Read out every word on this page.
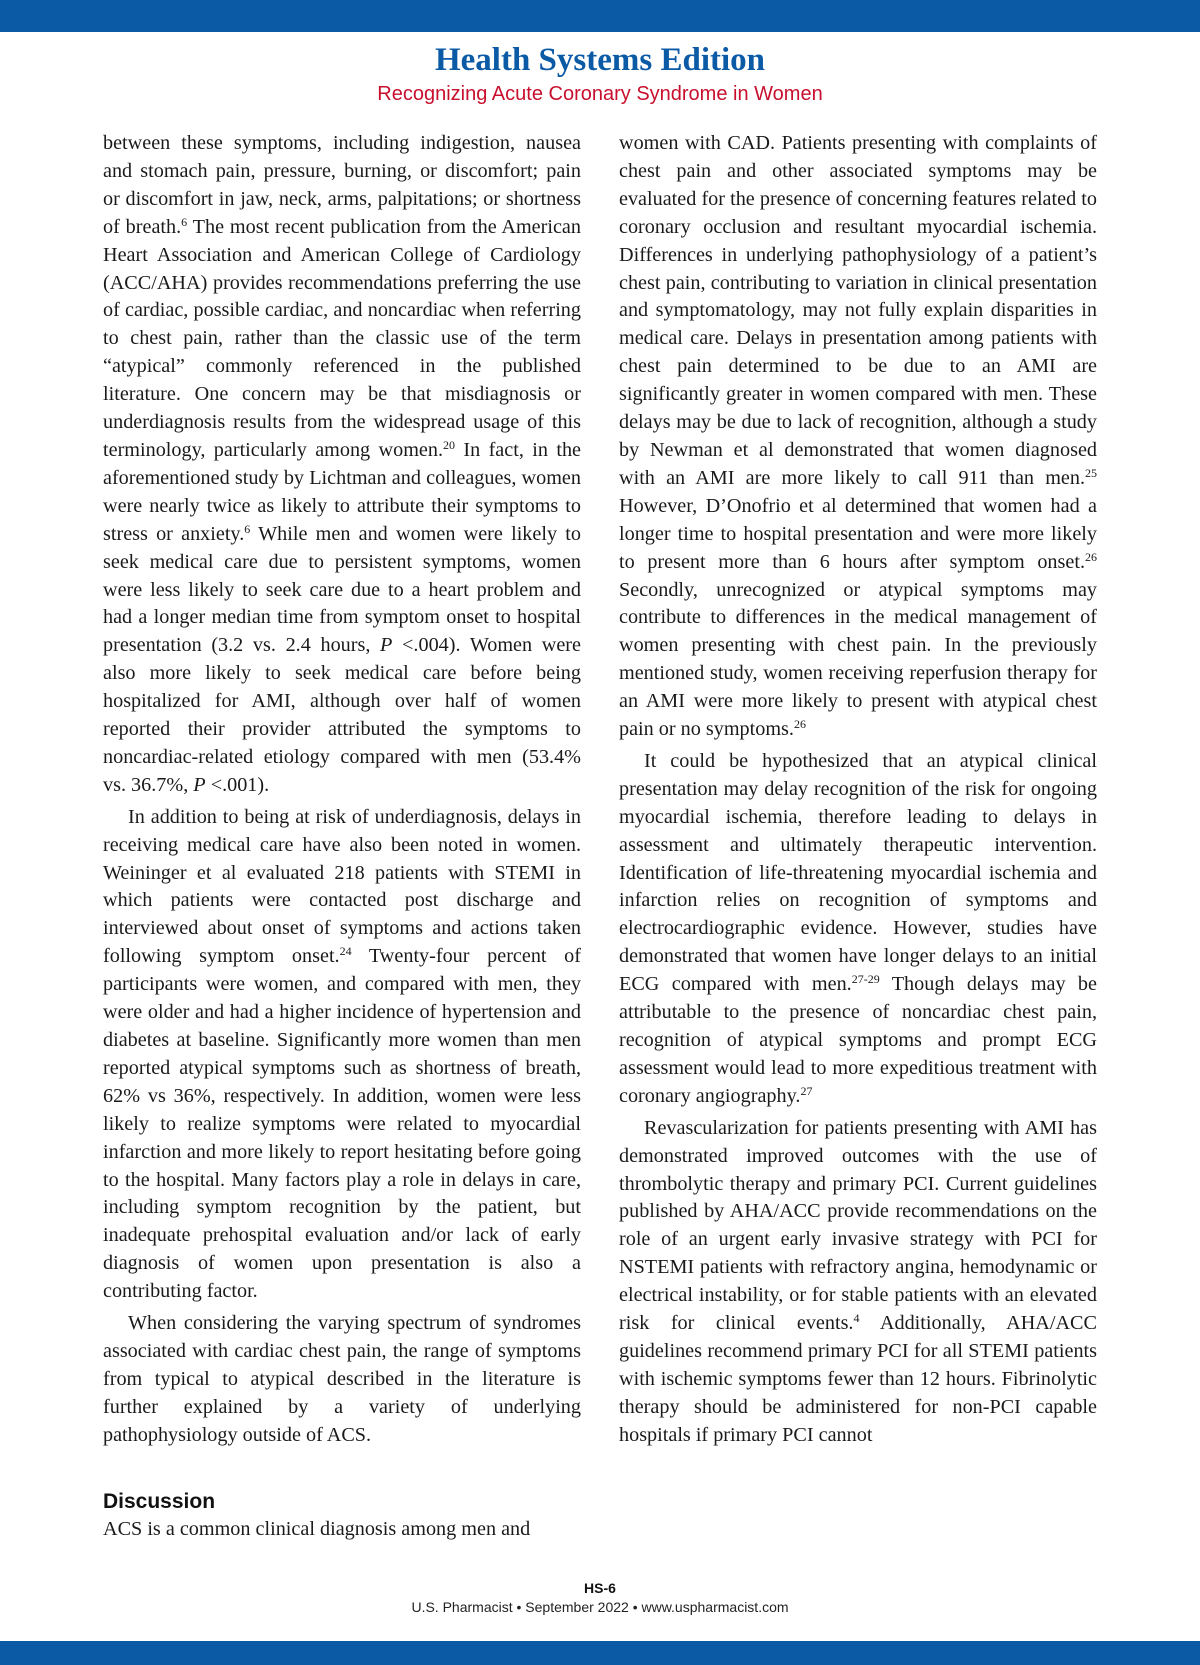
Health Systems Edition
Recognizing Acute Coronary Syndrome in Women

between these symptoms, including indigestion, nausea and stomach pain, pressure, burning, or discomfort; pain or discomfort in jaw, neck, arms, palpitations; or shortness of breath.$^6$ The most recent publication from the American Heart Association and American College of Cardiology (ACC/AHA) provides recommendations preferring the use of cardiac, possible cardiac, and noncardiac when referring to chest pain, rather than the classic use of the term “atypical” commonly referenced in the published literature. One concern may be that misdiagnosis or underdiagnosis results from the widespread usage of this terminology, particularly among women.$^{20}$ In fact, in the aforementioned study by Lichtman and colleagues, women were nearly twice as likely to attribute their symptoms to stress or anxiety.$^6$ While men and women were likely to seek medical care due to persistent symptoms, women were less likely to seek care due to a heart problem and had a longer median time from symptom onset to hospital presentation (3.2 vs. 2.4 hours, P <.004). Women were also more likely to seek medical care before being hospitalized for AMI, although over half of women reported their provider attributed the symptoms to noncardiac-related etiology compared with men (53.4% vs. 36.7%, P <.001).

In addition to being at risk of underdiagnosis, delays in receiving medical care have also been noted in women. Weininger et al evaluated 218 patients with STEMI in which patients were contacted post discharge and interviewed about onset of symptoms and actions taken following symptom onset.$^{24}$ Twenty-four percent of participants were women, and compared with men, they were older and had a higher incidence of hypertension and diabetes at baseline. Significantly more women than men reported atypical symptoms such as shortness of breath, 62% vs 36%, respectively. In addition, women were less likely to realize symptoms were related to myocardial infarction and more likely to report hesitating before going to the hospital. Many factors play a role in delays in care, including symptom recognition by the patient, but inadequate prehospital evaluation and/or lack of early diagnosis of women upon presentation is also a contributing factor.

When considering the varying spectrum of syndromes associated with cardiac chest pain, the range of symptoms from typical to atypical described in the literature is further explained by a variety of underlying pathophysiology outside of ACS.

Discussion

ACS is a common clinical diagnosis among men and

women with CAD. Patients presenting with complaints of chest pain and other associated symptoms may be evaluated for the presence of concerning features related to coronary occlusion and resultant myocardial ischemia. Differences in underlying pathophysiology of a patient’s chest pain, contributing to variation in clinical presentation and symptomatology, may not fully explain disparities in medical care. Delays in presentation among patients with chest pain determined to be due to an AMI are significantly greater in women compared with men. These delays may be due to lack of recognition, although a study by Newman et al demonstrated that women diagnosed with an AMI are more likely to call 911 than men.$^{25}$ However, D’Onofrio et al determined that women had a longer time to hospital presentation and were more likely to present more than 6 hours after symptom onset.$^{26}$ Secondly, unrecognized or atypical symptoms may contribute to differences in the medical management of women presenting with chest pain. In the previously mentioned study, women receiving reperfusion therapy for an AMI were more likely to present with atypical chest pain or no symptoms.$^{26}$

It could be hypothesized that an atypical clinical presentation may delay recognition of the risk for ongoing myocardial ischemia, therefore leading to delays in assessment and ultimately therapeutic intervention. Identification of life-threatening myocardial ischemia and infarction relies on recognition of symptoms and electrocardiographic evidence. However, studies have demonstrated that women have longer delays to an initial ECG compared with men.$^{27-29}$ Though delays may be attributable to the presence of noncardiac chest pain, recognition of atypical symptoms and prompt ECG assessment would lead to more expeditious treatment with coronary angiography.$^{27}$

Revascularization for patients presenting with AMI has demonstrated improved outcomes with the use of thrombolytic therapy and primary PCI. Current guidelines published by AHA/ACC provide recommendations on the role of an urgent early invasive strategy with PCI for NSTEMI patients with refractory angina, hemodynamic or electrical instability, or for stable patients with an elevated risk for clinical events.$^4$ Additionally, AHA/ACC guidelines recommend primary PCI for all STEMI patients with ischemic symptoms fewer than 12 hours. Fibrinolytic therapy should be administered for non-PCI capable hospitals if primary PCI cannot

HS-6
U.S. Pharmacist • September 2022 • www.uspharmacist.com
